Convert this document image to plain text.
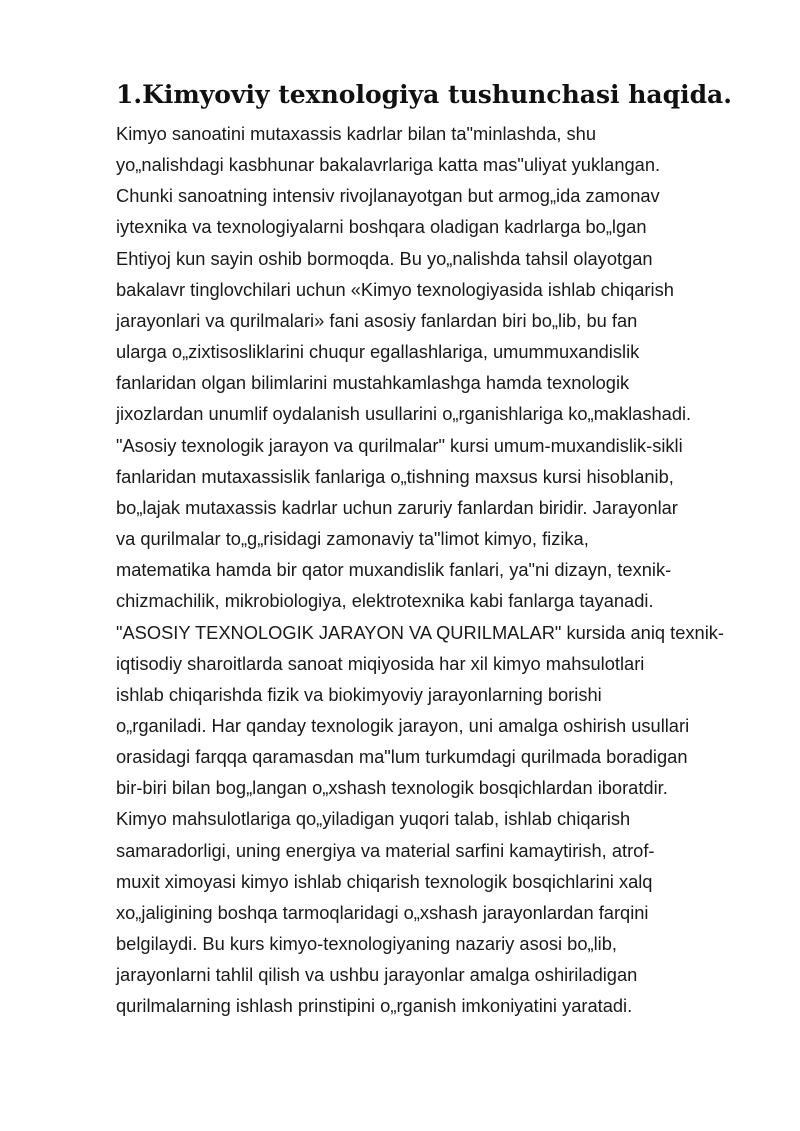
1.Kimyoviy texnologiya tushunchasi haqida.
Kimyo sanoatini mutaxassis kadrlar bilan ta"minlashda, shu
yo„nalishdagi kasbhunar bakalavrlariga katta mas"uliyat yuklangan.
Chunki sanoatning intensiv rivojlanayotgan but armog„ida zamonav
iytexnika va texnologiyalarni boshqara oladigan kadrlarga bo„lgan
Ehtiyoj kun sayin oshib bormoqda. Bu yo„nalishda tahsil olayotgan
bakalavr tinglovchilari uchun «Kimyo texnologiyasida ishlab chiqarish
jarayonlari va qurilmalari» fani asosiy fanlardan biri bo„lib, bu fan
ularga o„zixtisosliklarini chuqur egallashlariga, umummuxandislik
fanlaridan olgan bilimlarini mustahkamlashga hamda texnologik
jixozlardan unumlif oydalanish usullarini o„rganishlariga ko„maklashadi.
"Asosiy texnologik jarayon va qurilmalar" kursi umum-muxandislik-sikli
fanlaridan mutaxassislik fanlariga o„tishning maxsus kursi hisoblanib,
bo„lajak mutaxassis kadrlar uchun zaruriy fanlardan biridir. Jarayonlar
va qurilmalar to„g„risidagi zamonaviy ta"limot kimyo, fizika,
matematika hamda bir qator muxandislik fanlari, ya"ni dizayn, texnik-
chizmachilik, mikrobiologiya, elektrotexnika kabi fanlarga tayanadi.
"ASOSIY TEXNOLOGIK JARAYON VA QURILMALAR" kursida aniq texnik-
iqtisodiy sharoitlarda sanoat miqiyosida har xil kimyo mahsulotlari
ishlab chiqarishda fizik va biokimyoviy jarayonlarning borishi
o„rganiladi. Har qanday texnologik jarayon, uni amalga oshirish usullari
orasidagi farqqa qaramasdan ma"lum turkumdagi qurilmada boradigan
bir-biri bilan bog„langan o„xshash texnologik bosqichlardan iboratdir.
Kimyo mahsulotlariga qo„yiladigan yuqori talab, ishlab chiqarish
samaradorligi, uning energiya va material sarfini kamaytirish, atrof-
muxit ximoyasi kimyo ishlab chiqarish texnologik bosqichlarini xalq
xo„jaligining boshqa tarmoqlaridagi o„xshash jarayonlardan farqini
belgilaydi. Bu kurs kimyo-texnologiyaning nazariy asosi bo„lib,
jarayonlarni tahlil qilish va ushbu jarayonlar amalga oshiriladigan
qurilmalarning ishlash prinstipini o„rganish imkoniyatini yaratadi.
